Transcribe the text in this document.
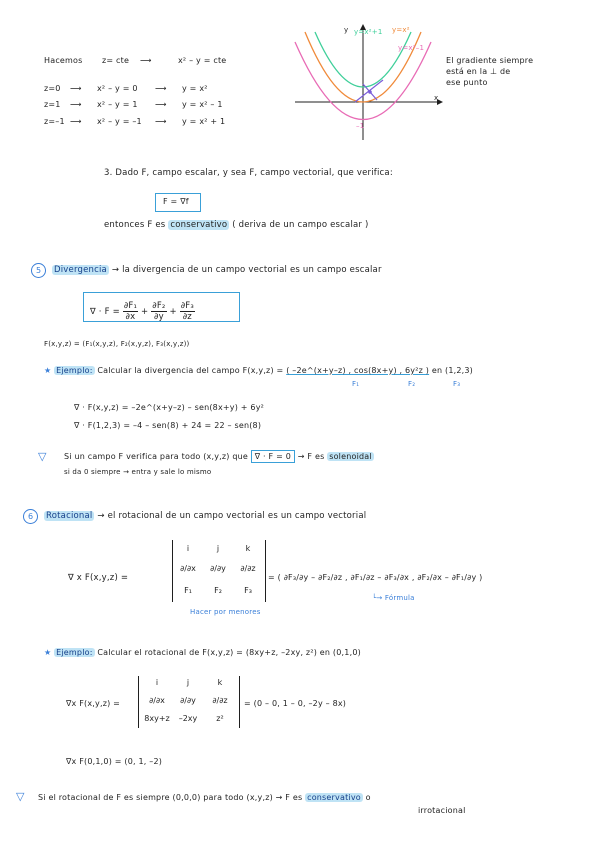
Hacemos z= cte ⟶	x² – y = cte
z=0 ⟶ x² – y = 0 ⟶ y = x²
z=1 ⟶ x² – y = 1 ⟶ y = x² – 1
z=–1 ⟶ x² – y = –1 ⟶ y = x² + 1
y
x
y=x²+1 y=x²
y=x²–1
–1
El gradiente siempre
está en la ⊥ de
ese punto
3. Dado F, campo escalar, y sea F, campo vectorial, que verifica:
F = ∇f
entonces F es conservativo ( deriva de un campo escalar )
5	Divergencia → la divergencia de un campo vectorial es un campo escalar
∇ · $F = \frac{\text{∂F₁}}{\partial x} + \frac{\text{∂F₂}}{\partial y} + \frac{\text{∂F₃}}{\partial z}$
F(x,y,z) = (F₁(x,y,z), F₂(x,y,z), F₃(x,y,z))
★ Ejemplo: Calcular la divergencia del campo F(x,y,z) = ( –2e^(x+y–z) , cos(8x+y) , 6y²z ) en (1,2,3)
F₁	F₂	F₃
∇ · F(x,y,z) = –2e^(x+y–z) – sen(8x+y) + 6y²
∇ · F(1,2,3) = –4 – sen(8) + 24 = 22 – sen(8)
▽ Si un campo F verifica para todo (x,y,z) que ∇ · F = 0 → F es solenoidal
si da 0 siempre → entra y sale lo mismo
6	Rotacional → el rotacional de un campo vectorial es un campo vectorial
∇ x F(x,y,z) =
i	j	k
∂/∂x	∂/∂y	∂/∂z
F₁	F₂	F₃
Hacer por menores
= ( ∂F₃/∂y – ∂F₂/∂z , ∂F₁/∂z – ∂F₃/∂x , ∂F₂/∂x – ∂F₁/∂y )
└→ Fórmula
★ Ejemplo: Calcular el rotacional de F(x,y,z) = (8xy+z, –2xy, z²) en (0,1,0)
∇x F(x,y,z) =
i	j	k
∂/∂x	∂/∂y	∂/∂z
8xy+z	–2xy	z²
= (0 – 0, 1 – 0, –2y – 8x)
∇x F(0,1,0) = (0, 1, –2)
▽ Si el rotacional de F es siempre (0,0,0) para todo (x,y,z) → F es conservativo o
irrotacional
